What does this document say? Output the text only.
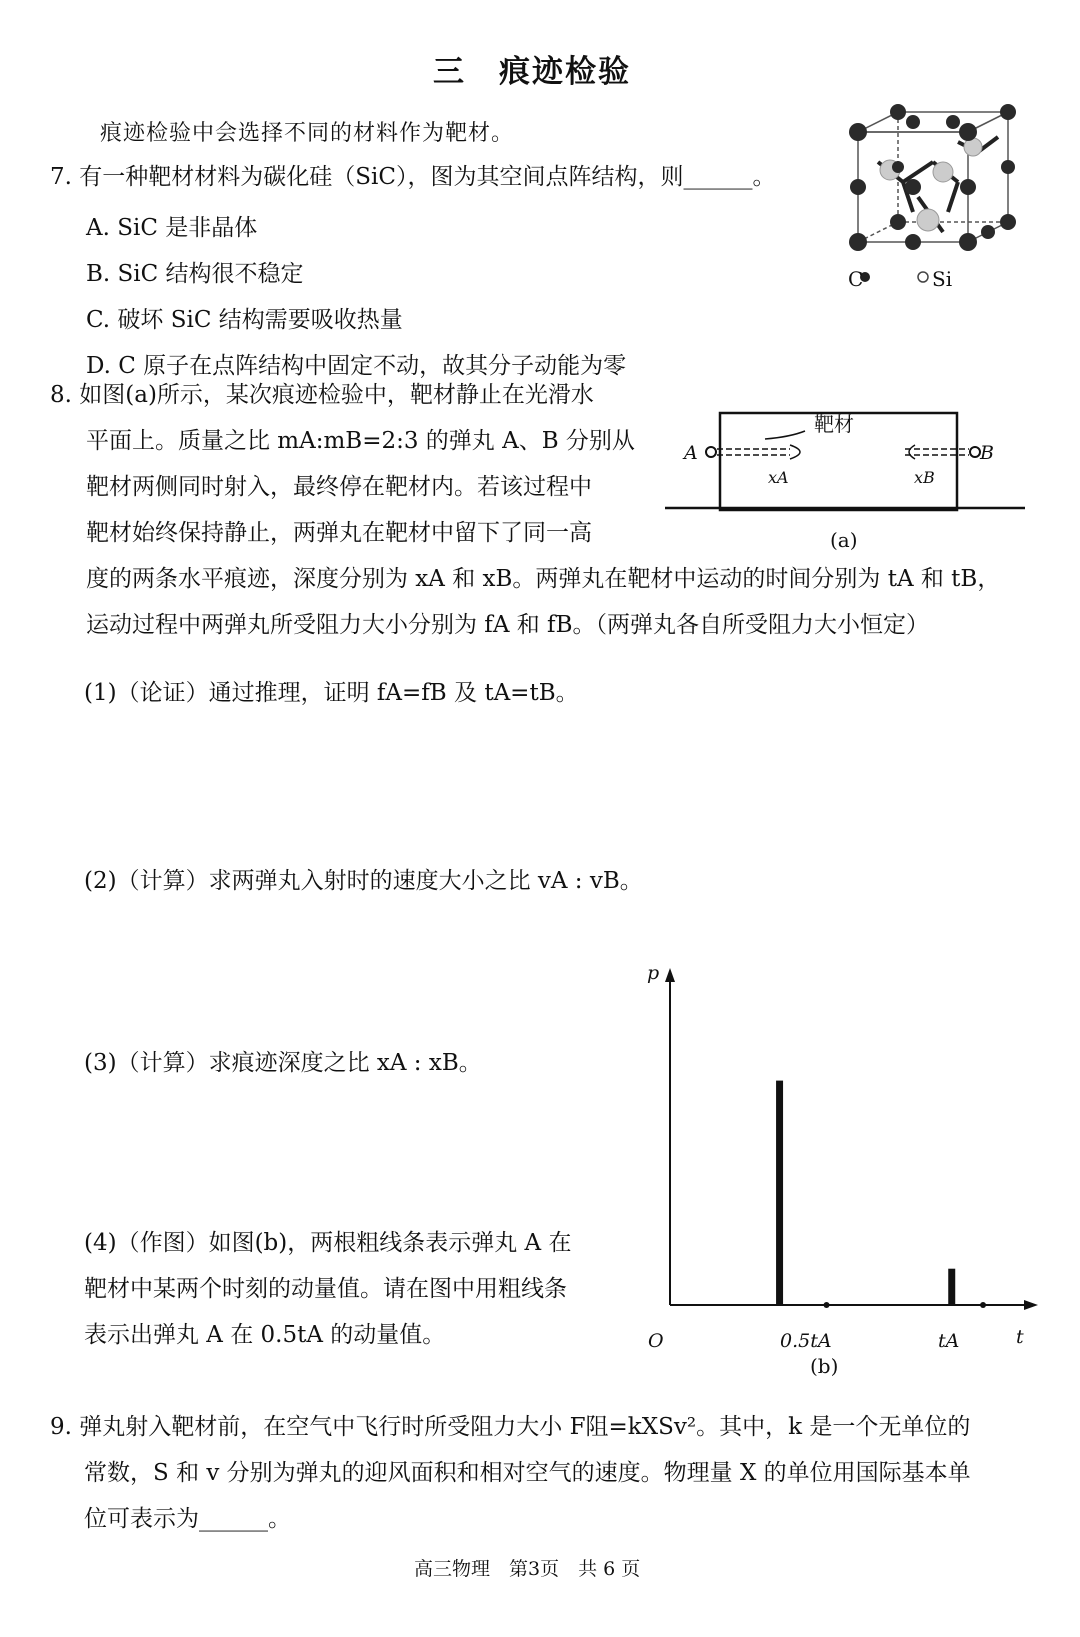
三　痕迹检验
痕迹检验中会选择不同的材料作为靶材。
7. 有一种靶材材料为碳化硅（SiC），图为其空间点阵结构，则______。
A. SiC 是非晶体
B. SiC 结构很不稳定
C. 破坏 SiC 结构需要吸收热量
D. C 原子在点阵结构中固定不动，故其分子动能为零
C	Si
8. 如图(a)所示，某次痕迹检验中，靶材静止在光滑水
平面上。质量之比 mA:mB=2:3 的弹丸 A、B 分别从
靶材两侧同时射入，最终停在靶材内。若该过程中
靶材始终保持静止，两弹丸在靶材中留下了同一高
度的两条水平痕迹，深度分别为 xA 和 xB。两弹丸在靶材中运动的时间分别为 tA 和 tB，
运动过程中两弹丸所受阻力大小分别为 fA 和 fB。（两弹丸各自所受阻力大小恒定）
靶材
A	B
xA	xB
(a)
(1)（论证）通过推理，证明 fA=fB 及 tA=tB。
(2)（计算）求两弹丸入射时的速度大小之比 vA : vB。
(3)（计算）求痕迹深度之比 xA : xB。
(4)（作图）如图(b)，两根粗线条表示弹丸 A 在
靶材中某两个时刻的动量值。请在图中用粗线条
表示出弹丸 A 在 0.5tA 的动量值。
p
t
O	0.5tA	tA
(b)
9. 弹丸射入靶材前，在空气中飞行时所受阻力大小 F阻=kXSv²。其中，k 是一个无单位的
常数，S 和 v 分别为弹丸的迎风面积和相对空气的速度。物理量 X 的单位用国际基本单
位可表示为______。
高三物理　第3页　共 6 页
